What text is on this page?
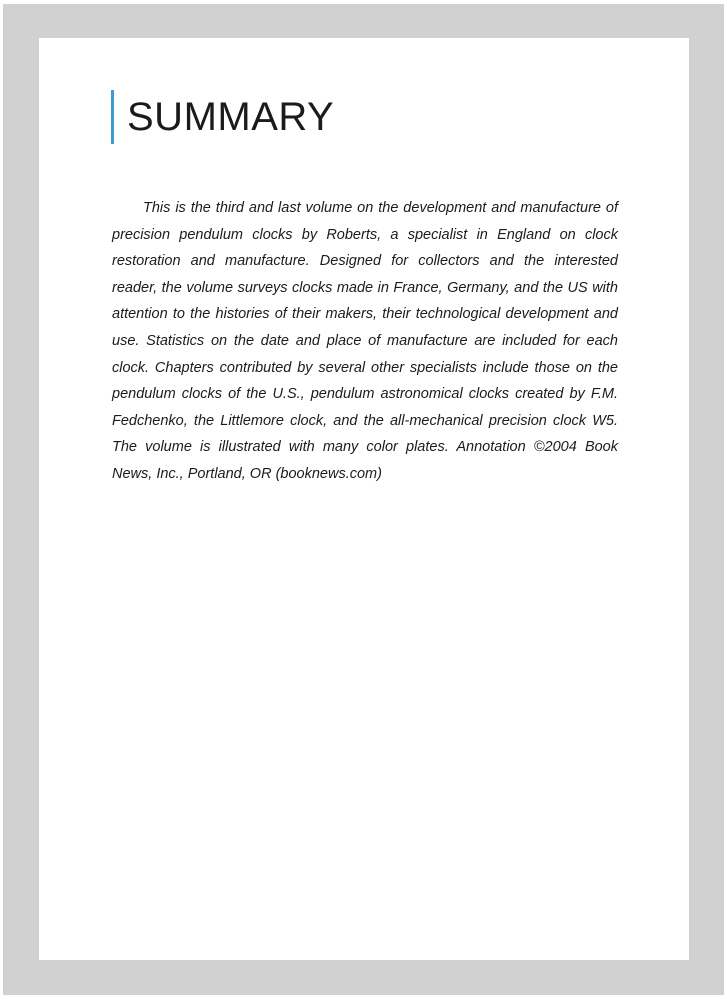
SUMMARY

This is the third and last volume on the development and manufacture of precision pendulum clocks by Roberts, a specialist in England on clock restoration and manufacture. Designed for collectors and the interested reader, the volume surveys clocks made in France, Germany, and the US with attention to the histories of their makers, their technological development and use. Statistics on the date and place of manufacture are included for each clock. Chapters contributed by several other specialists include those on the pendulum clocks of the U.S., pendulum astronomical clocks created by F.M. Fedchenko, the Littlemore clock, and the all-mechanical precision clock W5. The volume is illustrated with many color plates. Annotation ©2004 Book News, Inc., Portland, OR (booknews.com)
